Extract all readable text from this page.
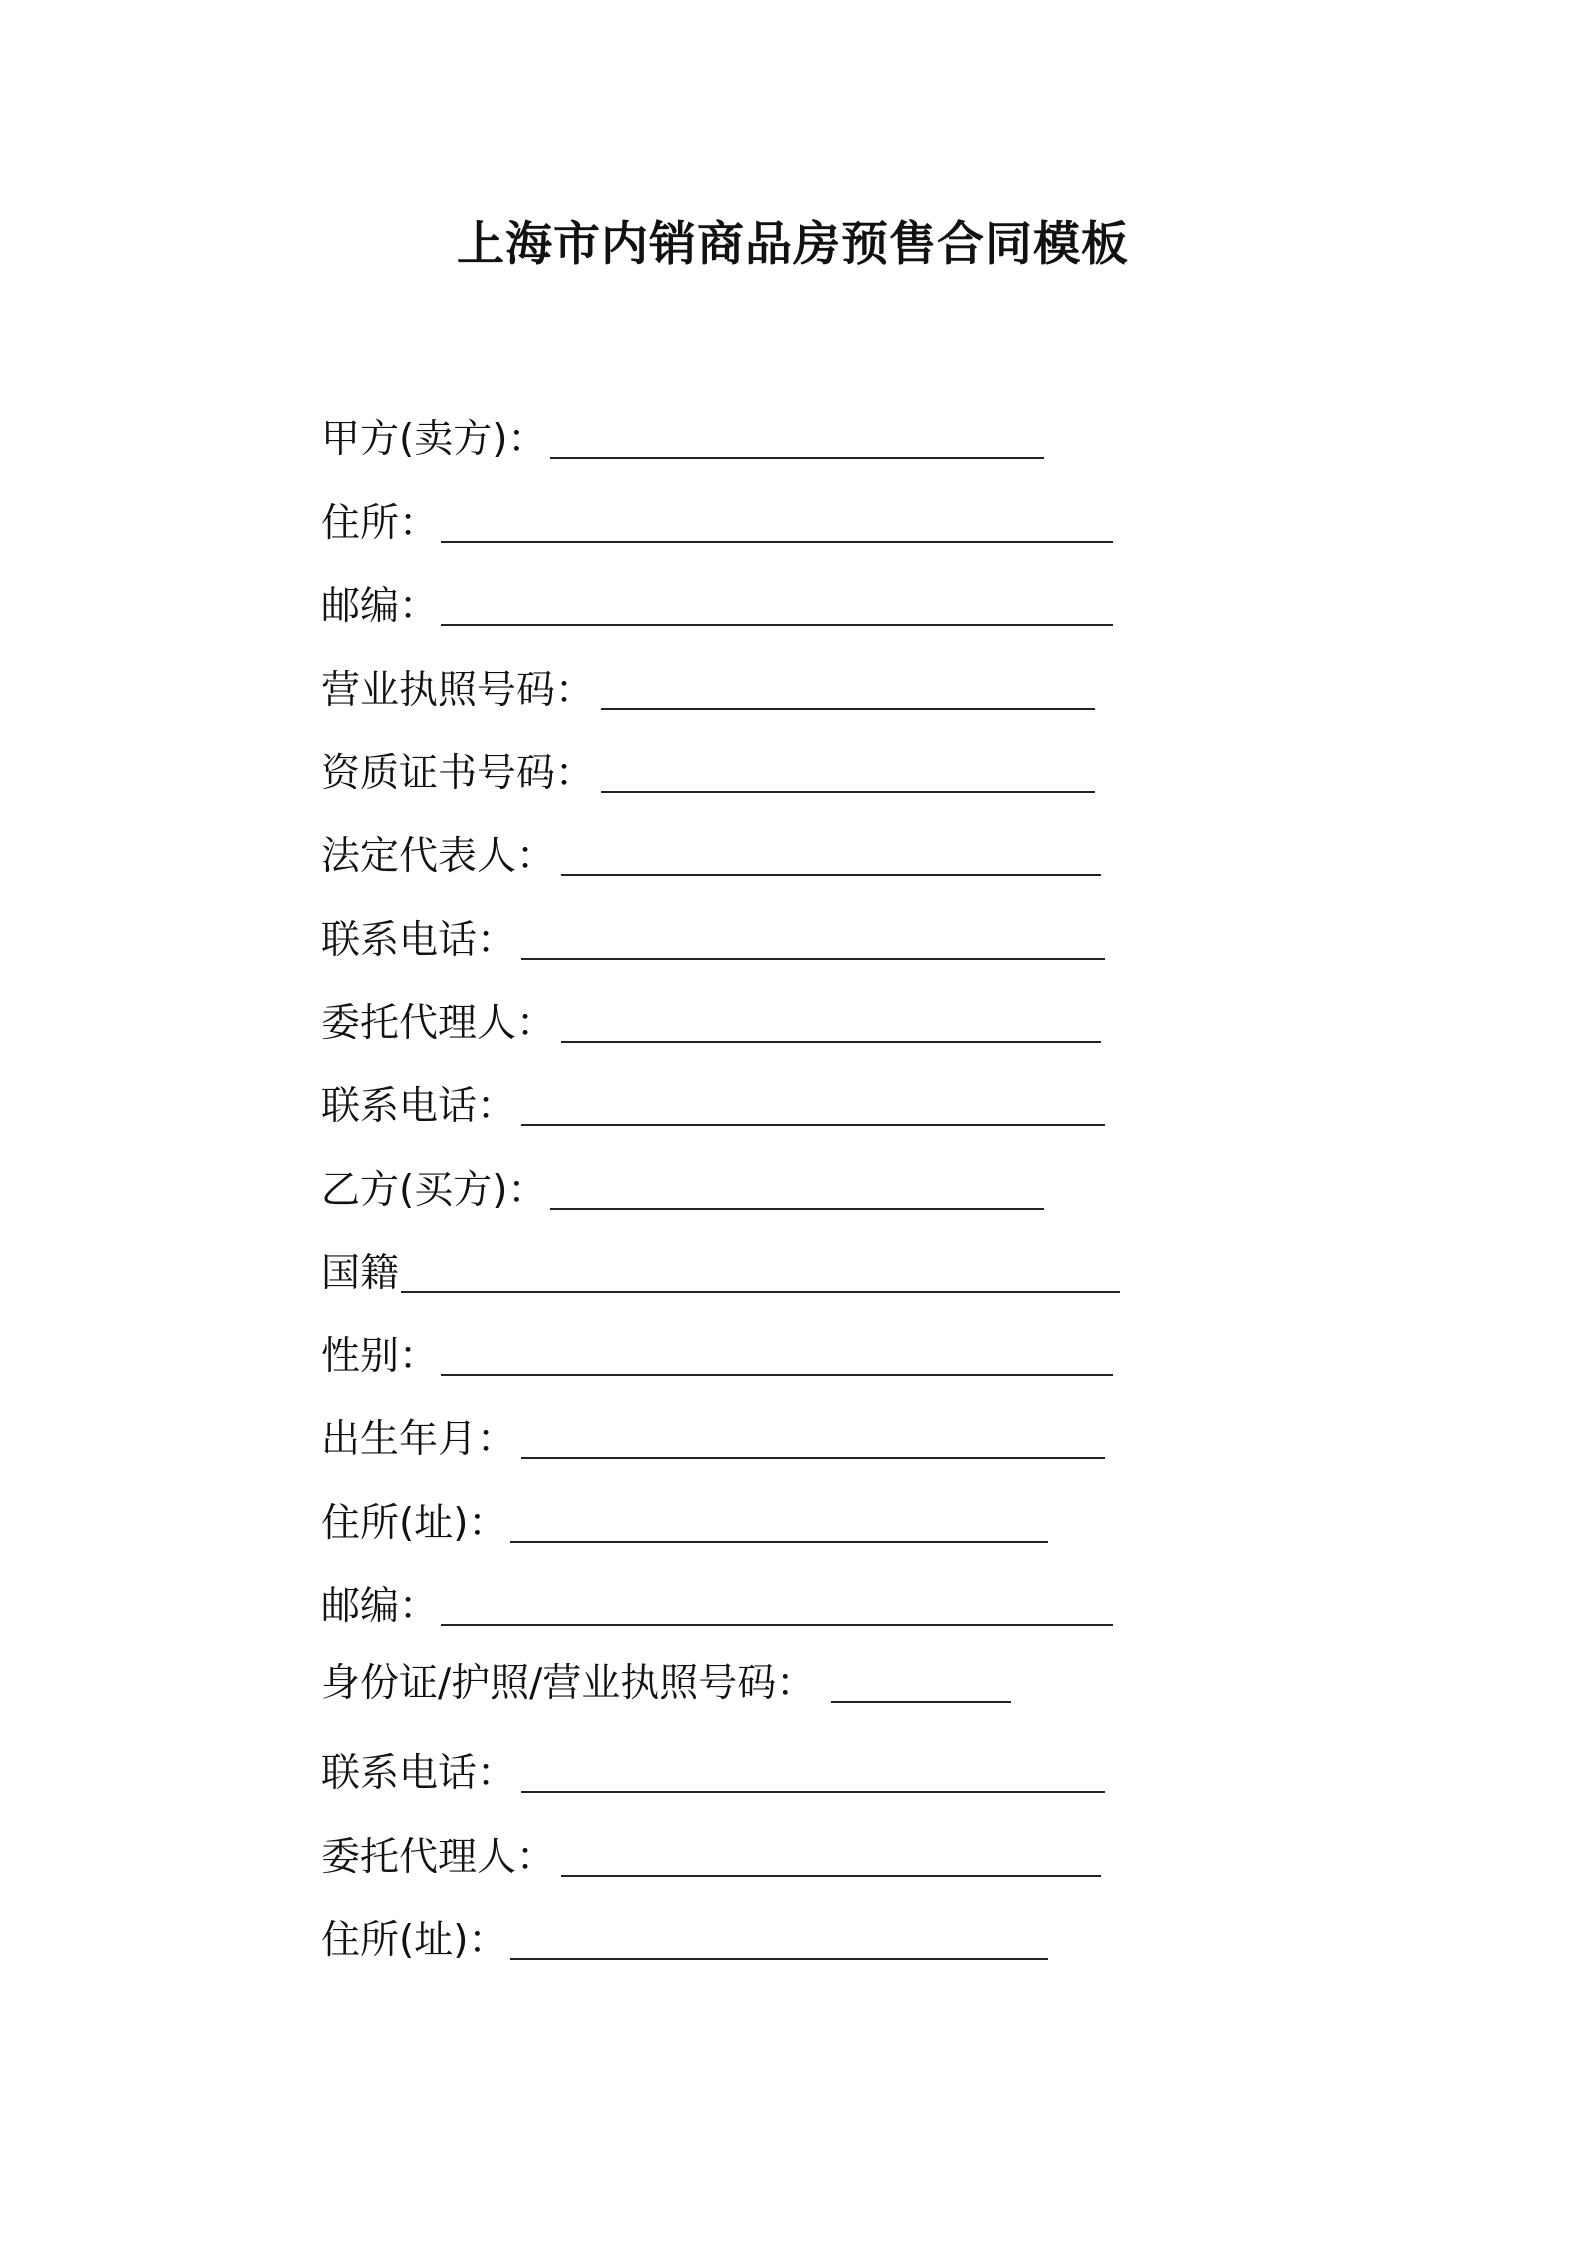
上海市内销商品房预售合同模板
甲方(卖方)：
住所：
邮编：
营业执照号码：
资质证书号码：
法定代表人：
联系电话：
委托代理人：
联系电话：
乙方(买方)：
国籍
性别：
出生年月：
住所(址)：
邮编：
身份证/护照/营业执照号码：
联系电话：
委托代理人：
住所(址)：
